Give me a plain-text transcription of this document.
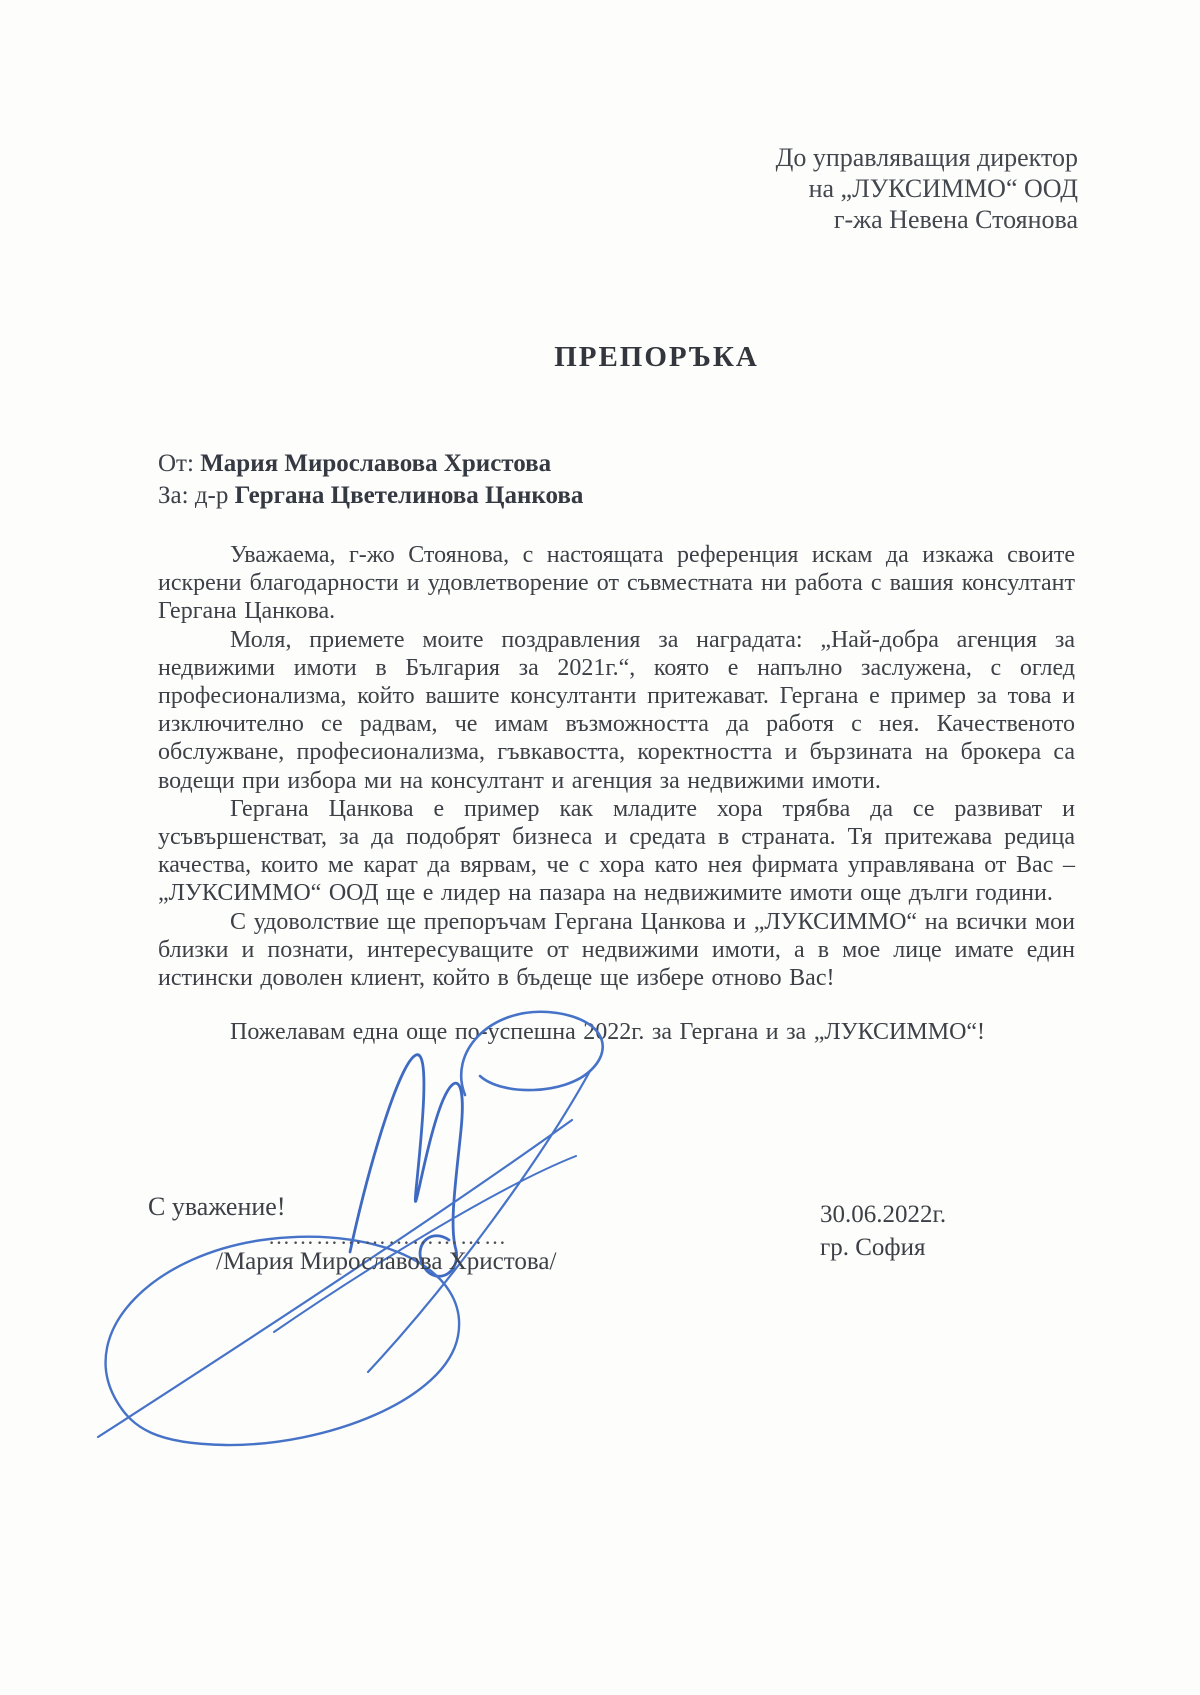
До управляващия директор
на „ЛУКСИММО“ ООД
г-жа Невена Стоянова
ПРЕПОРЪКА
От: Мария Мирославова Христова
За: д-р Гергана Цветелинова Цанкова

Уважаема, г-жо Стоянова, с настоящата референция искам да изкажа своите искрени благодарности и удовлетворение от съвместната ни работа с вашия консултант Гергана Цанкова.

Моля, приемете моите поздравления за наградата: „Най-добра агенция за недвижими имоти в България за 2021г.“, която е напълно заслужена, с оглед професионализма, който вашите консултанти притежават. Гергана е пример за това и изключително се радвам, че имам възможността да работя с нея. Качественото обслужване, професионализма, гъвкавостта, коректността и бързината на брокера са водещи при избора ми на консултант и агенция за недвижими имоти.

Гергана Цанкова е пример как младите хора трябва да се развиват и усъвършенстват, за да подобрят бизнеса и средата в страната. Тя притежава редица качества, които ме карат да вярвам, че с хора като нея фирмата управлявана от Вас – „ЛУКСИММО“ ООД ще е лидер на пазара на недвижимите имоти още дълги години.

С удоволствие ще препоръчам Гергана Цанкова и „ЛУКСИММО“ на всички мои близки и познати, интересуващите от недвижими имоти, а в мое лице имате един истински доволен клиент, който в бъдеще ще избере отново Вас!

Пожелавам една още по-успешна 2022г. за Гергана и за „ЛУКСИММО“!

С уважение!
…………………………
/Мария Мирославова Христова/
30.06.2022г.
гр. София
